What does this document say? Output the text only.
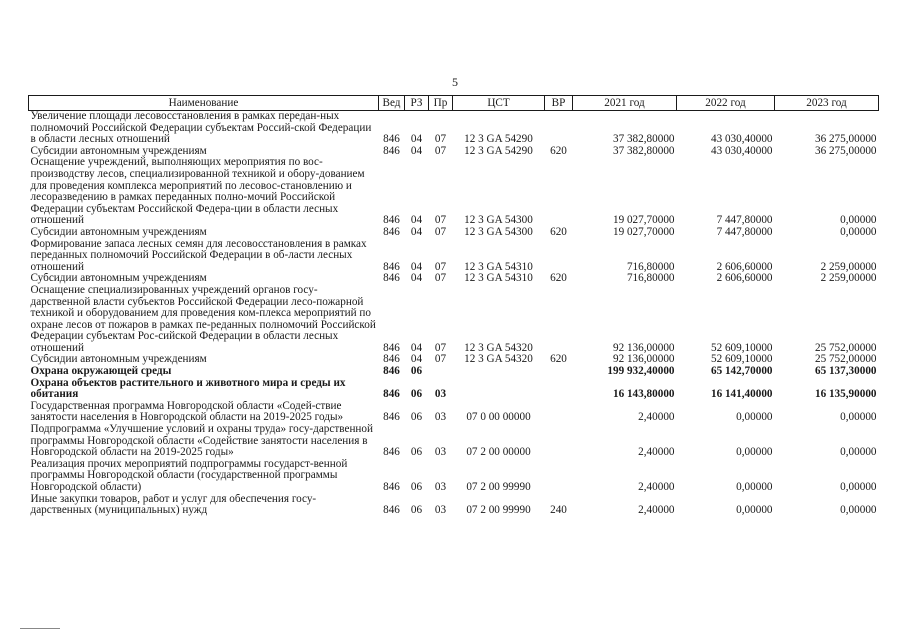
5
Наименование	Вед	РЗ	Пр	ЦСТ	ВР	2021 год	2022 год	2023 год
Увеличение площади лесовосстановления в рамках передан-ных полномочий Российской Федерации субъектам Россий-ской Федерации в области лесных отношений	846	04	07	12 3 GA 54290		37 382,80000	43 030,40000	36 275,00000
Субсидии автономным учреждениям	846	04	07	12 3 GA 54290	620	37 382,80000	43 030,40000	36 275,00000
Оснащение учреждений, выполняющих мероприятия по вос-производству лесов, специализированной техникой и обору-дованием для проведения комплекса мероприятий по лесовос-становлению и лесоразведению в рамках переданных полно-мочий Российской Федерации субъектам Российской Федера-ции в области лесных отношений	846	04	07	12 3 GA 54300		19 027,70000	7 447,80000	0,00000
Субсидии автономным учреждениям	846	04	07	12 3 GA 54300	620	19 027,70000	7 447,80000	0,00000
Формирование запаса лесных семян для лесовосстановления в рамках переданных полномочий Российской Федерации в об-ласти лесных отношений	846	04	07	12 3 GA 54310		716,80000	2 606,60000	2 259,00000
Субсидии автономным учреждениям	846	04	07	12 3 GA 54310	620	716,80000	2 606,60000	2 259,00000
Оснащение специализированных учреждений органов госу-дарственной власти субъектов Российской Федерации лесо-пожарной техникой и оборудованием для проведения ком-плекса мероприятий по охране лесов от пожаров в рамках пе-реданных полномочий Российской Федерации субъектам Рос-сийской Федерации в области лесных отношений	846	04	07	12 3 GA 54320		92 136,00000	52 609,10000	25 752,00000
Субсидии автономным учреждениям	846	04	07	12 3 GA 54320	620	92 136,00000	52 609,10000	25 752,00000
Охрана окружающей среды	846	06				199 932,40000	65 142,70000	65 137,30000
Охрана объектов растительного и животного мира и среды их обитания	846	06	03			16 143,80000	16 141,40000	16 135,90000
Государственная программа Новгородской области «Содей-ствие занятости населения в Новгородской области на 2019-2025 годы»	846	06	03	07 0 00 00000		2,40000	0,00000	0,00000
Подпрограмма «Улучшение условий и охраны труда» госу-дарственной программы Новгородской области «Содействие занятости населения в Новгородской области на 2019-2025 годы»	846	06	03	07 2 00 00000		2,40000	0,00000	0,00000
Реализация прочих мероприятий подпрограммы государст-венной программы Новгородской области (государственной программы Новгородской области)	846	06	03	07 2 00 99990		2,40000	0,00000	0,00000
Иные закупки товаров, работ и услуг для обеспечения госу-дарственных (муниципальных) нужд	846	06	03	07 2 00 99990	240	2,40000	0,00000	0,00000
